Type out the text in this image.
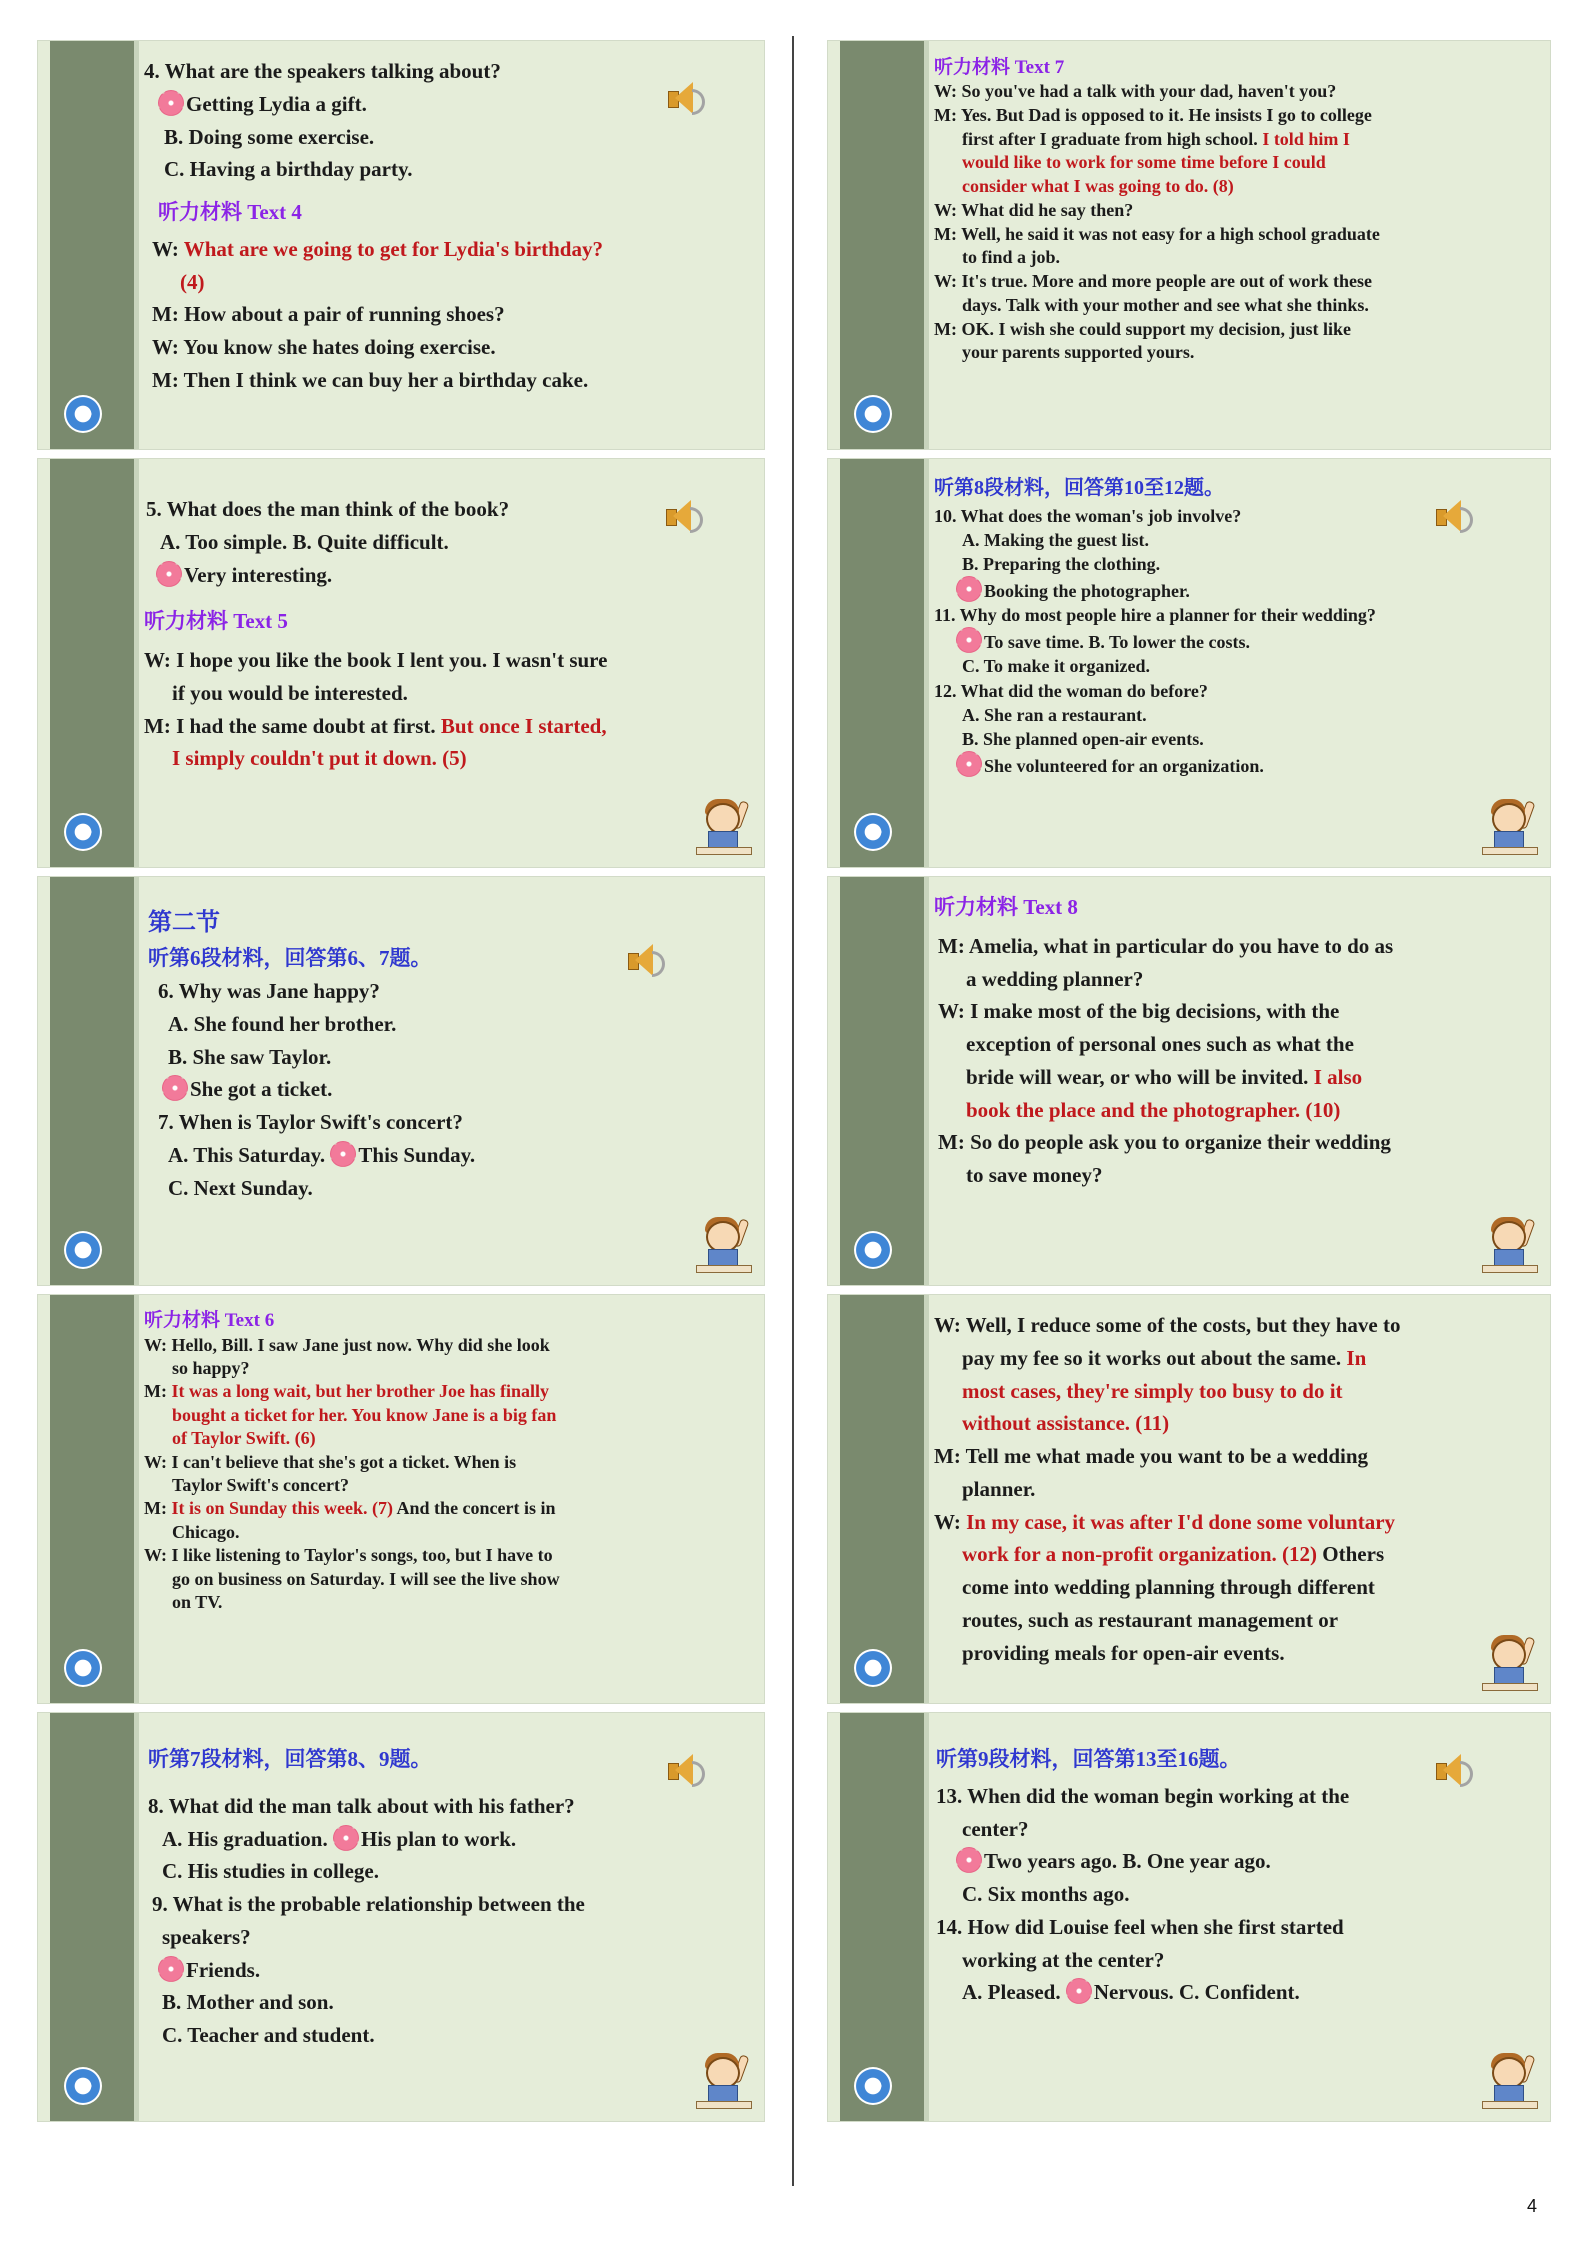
4. What are the speakers talking about?

Getting Lydia a gift.

B. Doing some exercise.

C. Having a birthday party.

听力材料 Text 4

W: What are we going to get for Lydia's birthday?

(4)

M: How about a pair of running shoes?

W: You know she hates doing exercise.

M: Then I think we can buy her a birthday cake.

听力材料 Text 7

W: So you've had a talk with your dad, haven't you?

M: Yes. But Dad is opposed to it. He insists I go to college

first after I graduate from high school. I told him I

would like to work for some time before I could

consider what I was going to do. (8)

W: What did he say then?

M: Well, he said it was not easy for a high school graduate

to find a job.

W: It's true. More and more people are out of work these

days. Talk with your mother and see what she thinks.

M: OK. I wish she could support my decision, just like

your parents supported yours.

5. What does the man think of the book?

A. Too simple. B. Quite difficult.

Very interesting.

听力材料 Text 5

W: I hope you like the book I lent you. I wasn't sure

if you would be interested.

M: I had the same doubt at first. But once I started,

I simply couldn't put it down. (5)

听第8段材料，回答第10至12题。

10. What does the woman's job involve?

A. Making the guest list.

B. Preparing the clothing.

Booking the photographer.

11. Why do most people hire a planner for their wedding?

To save time. B. To lower the costs.

C. To make it organized.

12. What did the woman do before?

A. She ran a restaurant.

B. She planned open-air events.

She volunteered for an organization.

第二节

听第6段材料，回答第6、7题。

6. Why was Jane happy?

A. She found her brother.

B. She saw Taylor.

She got a ticket.

7. When is Taylor Swift's concert?

A. This Saturday. This Sunday.

C. Next Sunday.

听力材料 Text 8

M: Amelia, what in particular do you have to do as

a wedding planner?

W: I make most of the big decisions, with the

exception of personal ones such as what the

bride will wear, or who will be invited. I also

book the place and the photographer. (10)

M: So do people ask you to organize their wedding

to save money?

听力材料 Text 6

W: Hello, Bill. I saw Jane just now. Why did she look

so happy?

M: It was a long wait, but her brother Joe has finally

bought a ticket for her. You know Jane is a big fan

of Taylor Swift. (6)

W: I can't believe that she's got a ticket. When is

Taylor Swift's concert?

M: It is on Sunday this week. (7) And the concert is in

Chicago.

W: I like listening to Taylor's songs, too, but I have to

go on business on Saturday. I will see the live show

on TV.

W: Well, I reduce some of the costs, but they have to

pay my fee so it works out about the same. In

most cases, they're simply too busy to do it

without assistance. (11)

M: Tell me what made you want to be a wedding

planner.

W: In my case, it was after I'd done some voluntary

work for a non-profit organization. (12) Others

come into wedding planning through different

routes, such as restaurant management or

providing meals for open-air events.

听第7段材料，回答第8、9题。

8. What did the man talk about with his father?

A. His graduation. His plan to work.

C. His studies in college.

9. What is the probable relationship between the

speakers?

Friends.

B. Mother and son.

C. Teacher and student.

听第9段材料，回答第13至16题。

13. When did the woman begin working at the

center?

Two years ago. B. One year ago.

C. Six months ago.

14. How did Louise feel when she first started

working at the center?

A. Pleased. Nervous. C. Confident.

4
